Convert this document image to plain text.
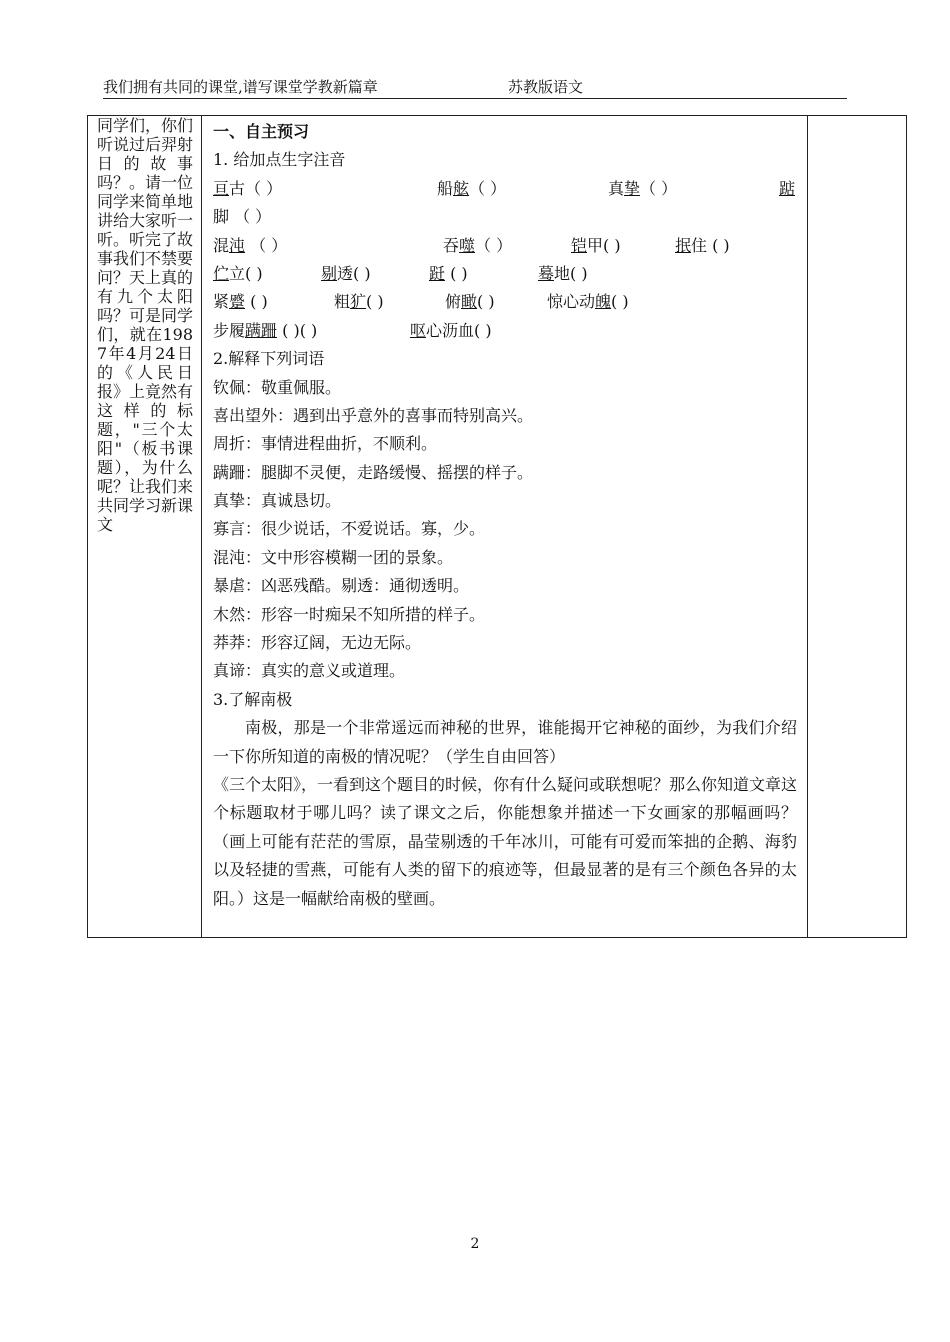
我们拥有共同的课堂,谱写课堂学教新篇章	苏教版语文
同学们，你们听说过后羿射日的故事吗？。请一位同学来简单地讲给大家听一听。听完了故事我们不禁要问？天上真的有九个太阳吗？可是同学们，就在1987年4月24日的《人民日报》上竟然有这样的标题，"三个太阳"（板书课题），为什么呢？让我们来共同学习新课文
一、自主预习
1. 给加点生字注音
亘古（ ）	船舷（ ）	真挚（ ）	踮
脚 （ ）
混沌 （ ）	吞噬（ ）	铠甲( )	抿住 ( )
伫立( )	剔透( )	跹 ( )	蓦地( )
紧蹙 ( )	粗犷( )	俯瞰( )	惊心动魄( )
步履蹒跚 ( )( )	呕心沥血( )
2.解释下列词语
钦佩：敬重佩服。
喜出望外：遇到出乎意外的喜事而特别高兴。
周折：事情进程曲折，不顺利。
蹒跚：腿脚不灵便，走路缓慢、摇摆的样子。
真挚：真诚恳切。
寡言：很少说话，不爱说话。寡，少。
混沌：文中形容模糊一团的景象。
暴虐：凶恶残酷。剔透：通彻透明。
木然：形容一时痴呆不知所措的样子。
莽莽：形容辽阔，无边无际。
真谛：真实的意义或道理。
3.了解南极
南极，那是一个非常遥远而神秘的世界，谁能揭开它神秘的面纱，为我们介绍一下你所知道的南极的情况呢？（学生自由回答）
《三个太阳》，一看到这个题目的时候，你有什么疑问或联想呢？那么你知道文章这个标题取材于哪儿吗？读了课文之后，你能想象并描述一下女画家的那幅画吗？（画上可能有茫茫的雪原，晶莹剔透的千年冰川，可能有可爱而笨拙的企鹅、海豹以及轻捷的雪燕，可能有人类的留下的痕迹等，但最显著的是有三个颜色各异的太阳。）这是一幅献给南极的壁画。
2
